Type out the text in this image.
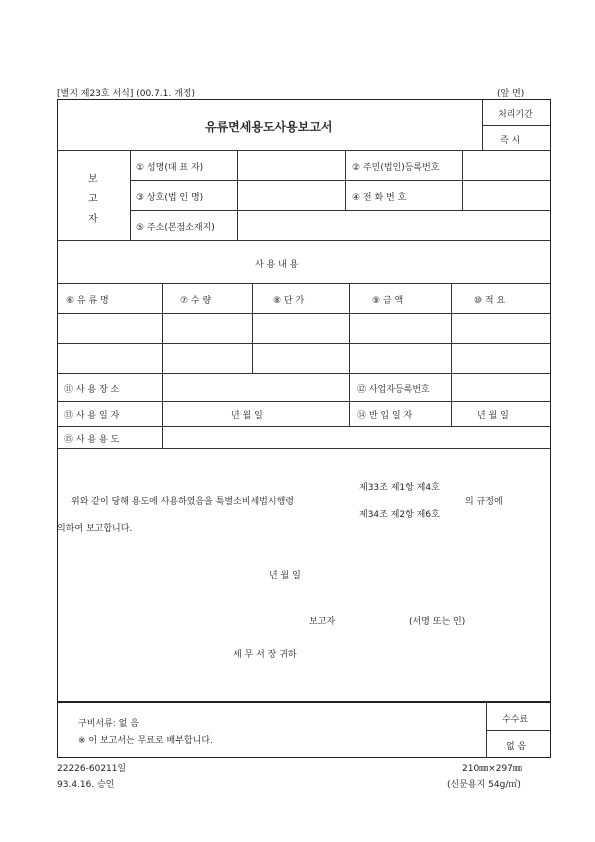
[별지 제23호 서식] (00.7.1. 개정)	(앞 면)
유류면세용도사용보고서
처리기간
즉 시
보
고
자
① 성명(대 표 자)	② 주민(법인)등록번호
③ 상호(법 인 명)	④ 전 화 번 호
⑤ 주소(본점소재지)
사 용 내 용
⑥ 유 류 명	⑦ 수 량	⑧ 단 가	⑨ 금 액	⑩ 적 요
⑪ 사 용 장 소	⑫ 사업자등록번호
⑬ 사 용 일 자	년 월 일	⑭ 반 입 일 자	년 월 일
⑮ 사 용 용 도
위와 같이 당해 용도에 사용하였음을 특별소비세법시행령
제33조 제1항 제4호
제34조 제2항 제6호
의 규정에
의하여 보고합니다.
년 월 일
보고자	(서명 또는 인)
세 무 서 장 귀하
구비서류: 없 음
※ 이 보고서는 무료로 배부합니다.
수수료
없 음
22226-60211일
93.4.16. 승인
210㎜×297㎜
(신문용지 54g/㎡)
